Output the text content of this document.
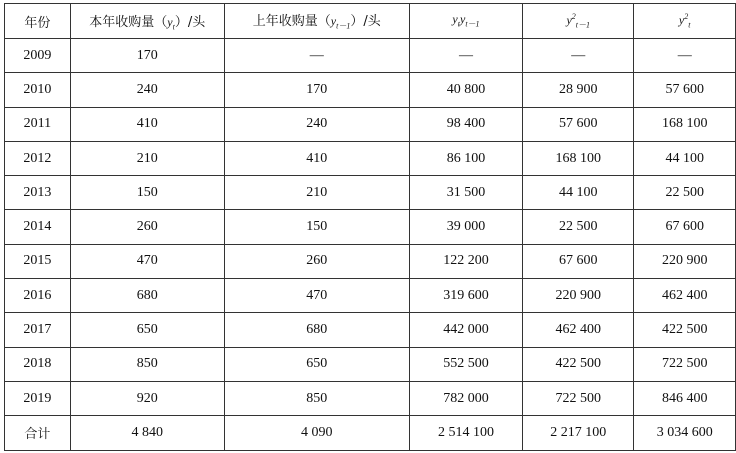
年份	本年收购量$(y_t)/$头	上年收购量$(y_{t-1})/$头	$y_ty_{t-1}$	$y^2_{t-1}$	$y^2_t$
2009	170	—	—	—	—
2010	240	170	40 800	28 900	57 600
2011	410	240	98 400	57 600	168 100
2012	210	410	86 100	168 100	44 100
2013	150	210	31 500	44 100	22 500
2014	260	150	39 000	22 500	67 600
2015	470	260	122 200	67 600	220 900
2016	680	470	319 600	220 900	462 400
2017	650	680	442 000	462 400	422 500
2018	850	650	552 500	422 500	722 500
2019	920	850	782 000	722 500	846 400
合计	4 840	4 090	2 514 100	2 217 100	3 034 600
